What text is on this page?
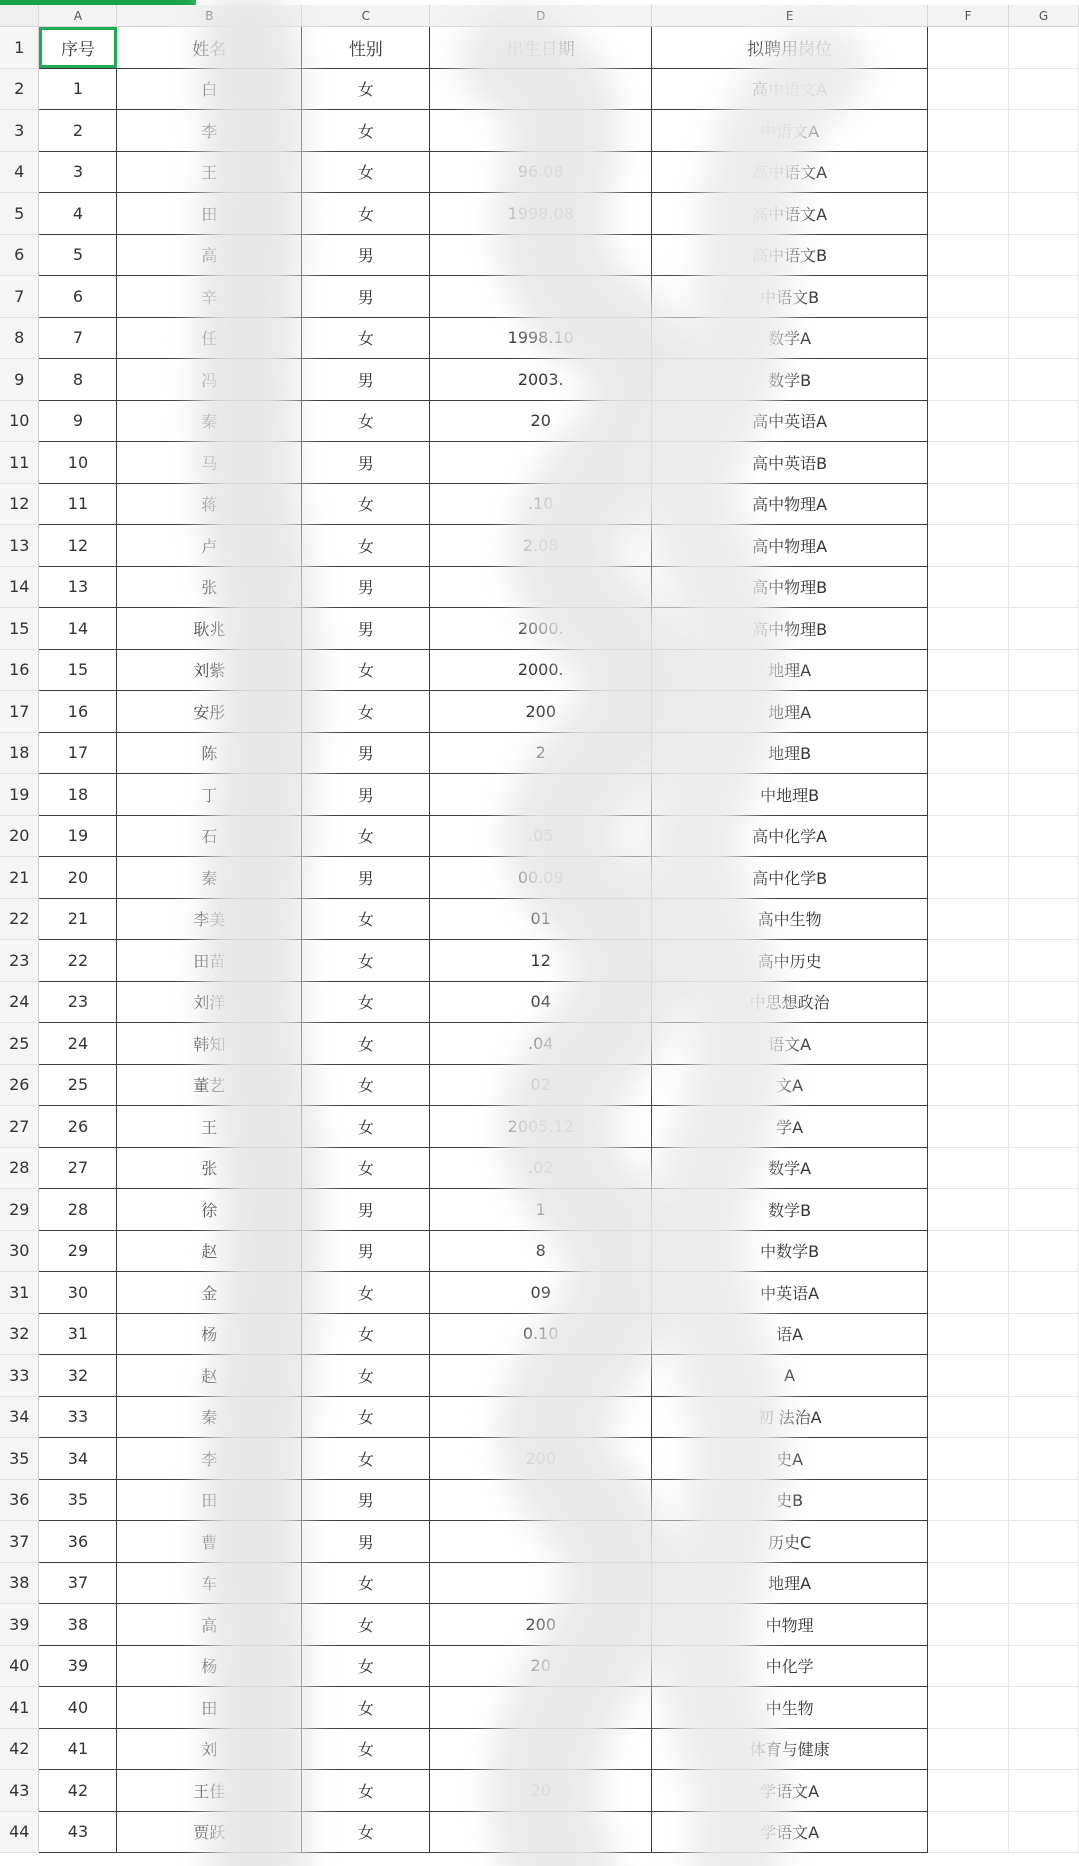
	A	B	C	D	E	F	G
1	序号	姓名	性别	出生日期	拟聘用岗位		
2	1	白	女		高中语文A		
3	2	李	女		中语文A		
4	3	王	女	96.08	高中语文A		
5	4	田	女	1998.08	高中语文A		
6	5	高	男		高中语文B		
7	6	辛	男		中语文B		
8	7	任	女	1998.10	数学A		
9	8	冯	男	2003.	数学B		
10	9	秦	女	20	高中英语A		
11	10	马	男		高中英语B		
12	11	蒋	女	.10	高中物理A		
13	12	卢	女	2.08	高中物理A		
14	13	张	男		高中物理B		
15	14	耿兆	男	2000.	高中物理B		
16	15	刘紫	女	2000.	地理A		
17	16	安彤	女	200	地理A		
18	17	陈	男	2	地理B		
19	18	丁	男		中地理B		
20	19	石	女	.05	高中化学A		
21	20	秦	男	00.09	高中化学B		
22	21	李美	女	01	高中生物		
23	22	田苗	女	12	高中历史		
24	23	刘洋	女	04	中思想政治		
25	24	韩知	女	.04	语文A		
26	25	董艺	女	02	文A		
27	26	王	女	2005.12	学A		
28	27	张	女	.02	数学A		
29	28	徐	男	1	数学B		
30	29	赵	男	8	中数学B		
31	30	金	女	09	中英语A		
32	31	杨	女	0.10	语A		
33	32	赵	女		A		
34	33	秦	女		初 法治A		
35	34	李	女	200	史A		
36	35	田	男		史B		
37	36	曹	男		历史C		
38	37	车	女		地理A		
39	38	高	女	200	中物理		
40	39	杨	女	20	中化学		
41	40	田	女		中生物		
42	41	刘	女		体育与健康		
43	42	王佳	女	20	学语文A		
44	43	贾跃	女		学语文A		
